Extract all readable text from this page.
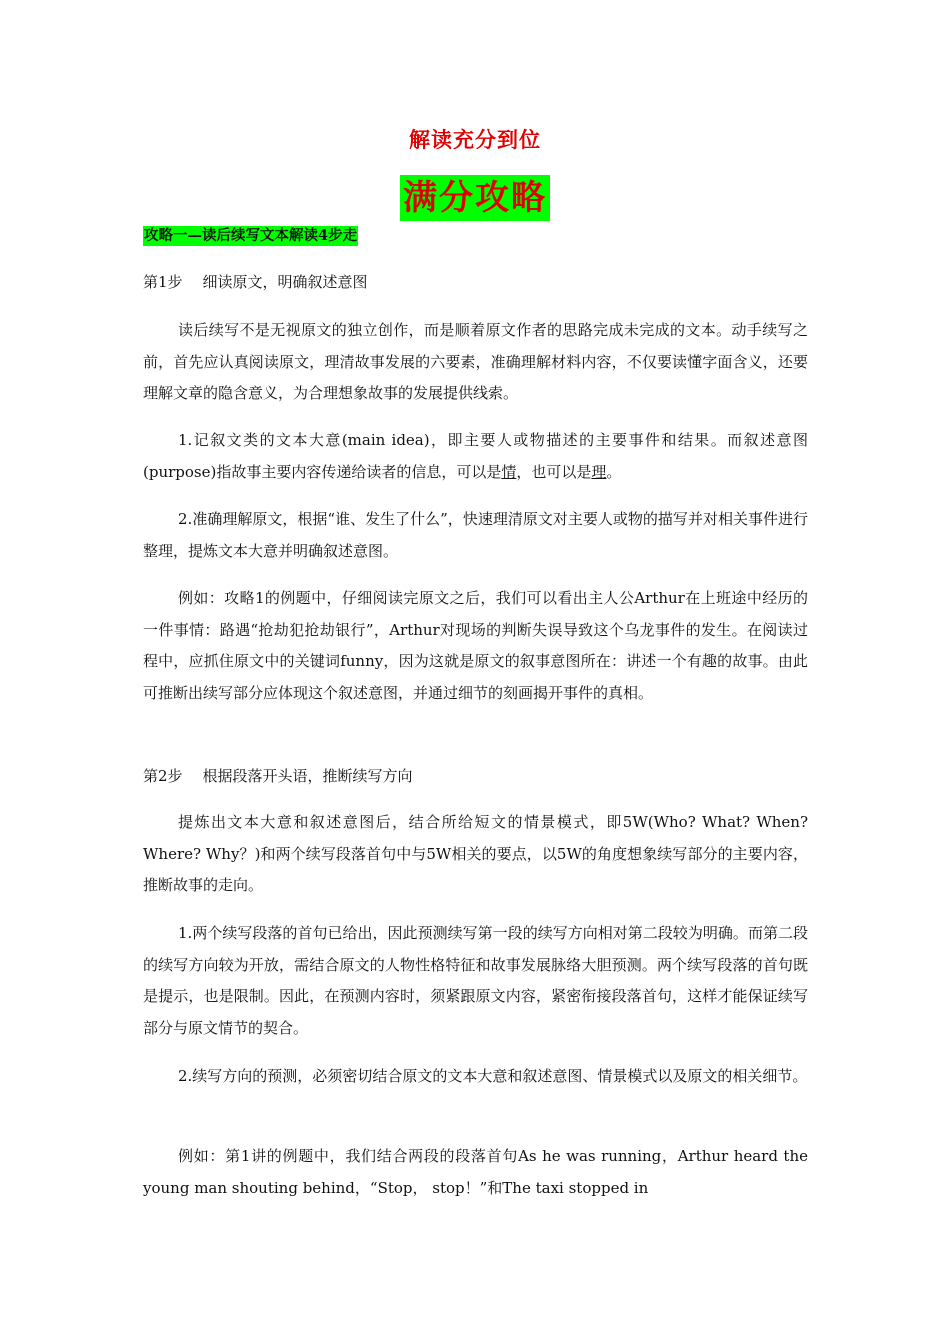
解读充分到位
满分攻略
攻略一—读后续写文本解读4步走
第1步 细读原文，明确叙述意图
读后续写不是无视原文的独立创作，而是顺着原文作者的思路完成未完成的文本。动手续写之前，首先应认真阅读原文，理清故事发展的六要素，准确理解材料内容，不仅要读懂字面含义，还要理解文章的隐含意义，为合理想象故事的发展提供线索。
1.记叙文类的文本大意(main idea)，即主要人或物描述的主要事件和结果。而叙述意图(purpose)指故事主要内容传递给读者的信息，可以是情，也可以是理。
2.准确理解原文，根据“谁、发生了什么”，快速理清原文对主要人或物的描写并对相关事件进行整理，提炼文本大意并明确叙述意图。
例如：攻略1的例题中，仔细阅读完原文之后，我们可以看出主人公Arthur在上班途中经历的一件事情：路遇“抢劫犯抢劫银行”，Arthur对现场的判断失误导致这个乌龙事件的发生。在阅读过程中，应抓住原文中的关键词funny，因为这就是原文的叙事意图所在：讲述一个有趣的故事。由此可推断出续写部分应体现这个叙述意图，并通过细节的刻画揭开事件的真相。
第2步 根据段落开头语，推断续写方向
提炼出文本大意和叙述意图后，结合所给短文的情景模式，即5W(Who? What? When? Where? Why？)和两个续写段落首句中与5W相关的要点，以5W的角度想象续写部分的主要内容，推断故事的走向。
1.两个续写段落的首句已给出，因此预测续写第一段的续写方向相对第二段较为明确。而第二段的续写方向较为开放，需结合原文的人物性格特征和故事发展脉络大胆预测。两个续写段落的首句既是提示，也是限制。因此，在预测内容时，须紧跟原文内容，紧密衔接段落首句，这样才能保证续写部分与原文情节的契合。
2.续写方向的预测，必须密切结合原文的文本大意和叙述意图、情景模式以及原文的相关细节。
例如：第1讲的例题中，我们结合两段的段落首句As he was running，Arthur heard the young man shouting behind，“Stop， stop！”和The taxi stopped in
